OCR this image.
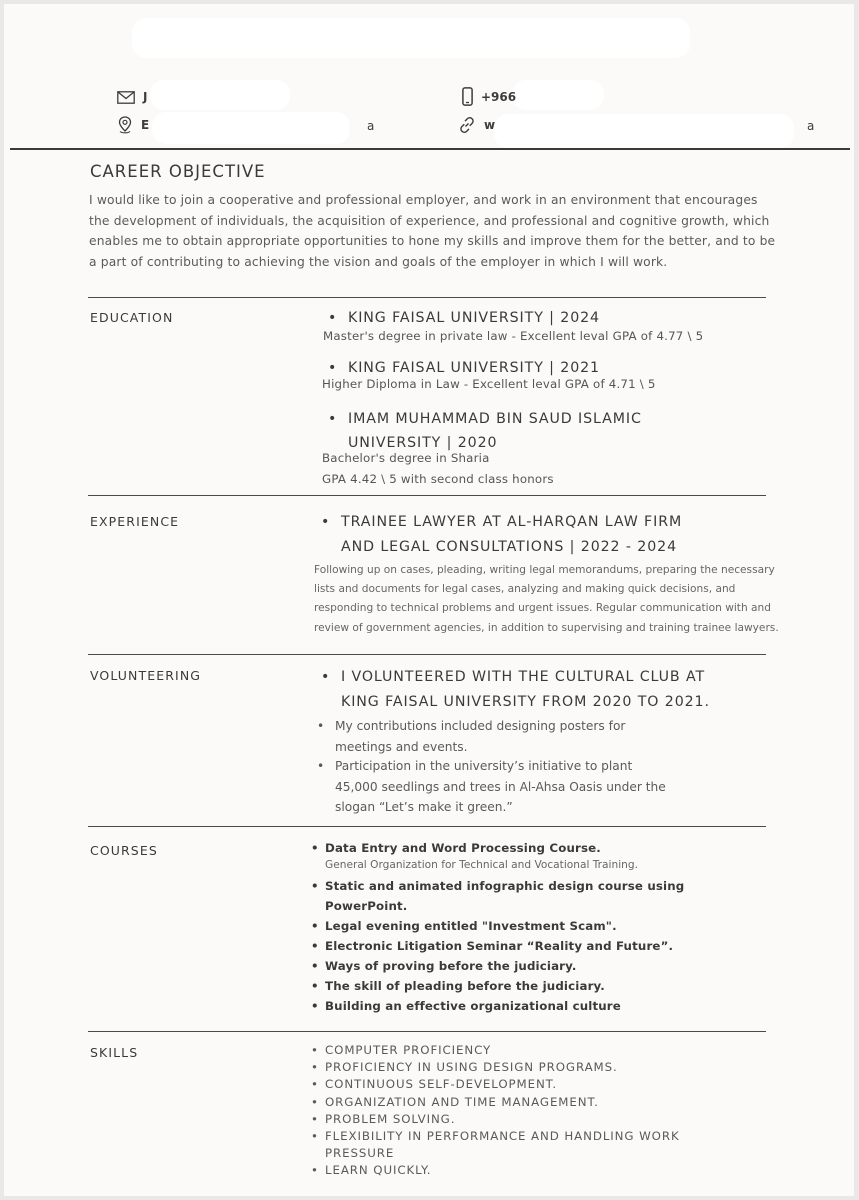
J	+966
E	a	w	a
CAREER OBJECTIVE
I would like to join a cooperative and professional employer, and work in an environment that encourages the development of individuals, the acquisition of experience, and professional and cognitive growth, which enables me to obtain appropriate opportunities to hone my skills and improve them for the better, and to be a part of contributing to achieving the vision and goals of the employer in which I will work.
EDUCATION	• KING FAISAL UNIVERSITY | 2024
Master's degree in private law - Excellent leval GPA of 4.77 \ 5
• KING FAISAL UNIVERSITY | 2021
Higher Diploma in Law - Excellent leval GPA of 4.71 \ 5
• IMAM MUHAMMAD BIN SAUD ISLAMIC
UNIVERSITY | 2020
Bachelor's degree in Sharia
GPA 4.42 \ 5 with second class honors
EXPERIENCE	• TRAINEE LAWYER AT AL-HARQAN LAW FIRM
AND LEGAL CONSULTATIONS | 2022 - 2024
Following up on cases, pleading, writing legal memorandums, preparing the necessary lists and documents for legal cases, analyzing and making quick decisions, and responding to technical problems and urgent issues. Regular communication with and review of government agencies, in addition to supervising and training trainee lawyers.
VOLUNTEERING	• I VOLUNTEERED WITH THE CULTURAL CLUB AT
KING FAISAL UNIVERSITY FROM 2020 TO 2021.
• My contributions included designing posters for
meetings and events.
• Participation in the university’s initiative to plant
45,000 seedlings and trees in Al-Ahsa Oasis under the
slogan “Let’s make it green.”
COURSES	• Data Entry and Word Processing Course.
General Organization for Technical and Vocational Training.
• Static and animated infographic design course using
PowerPoint.
• Legal evening entitled "Investment Scam".
• Electronic Litigation Seminar “Reality and Future”.
• Ways of proving before the judiciary.
• The skill of pleading before the judiciary.
• Building an effective organizational culture
SKILLS	• COMPUTER PROFICIENCY
• PROFICIENCY IN USING DESIGN PROGRAMS.
• CONTINUOUS SELF-DEVELOPMENT.
• ORGANIZATION AND TIME MANAGEMENT.
• PROBLEM SOLVING.
• FLEXIBILITY IN PERFORMANCE AND HANDLING WORK
PRESSURE
• LEARN QUICKLY.
